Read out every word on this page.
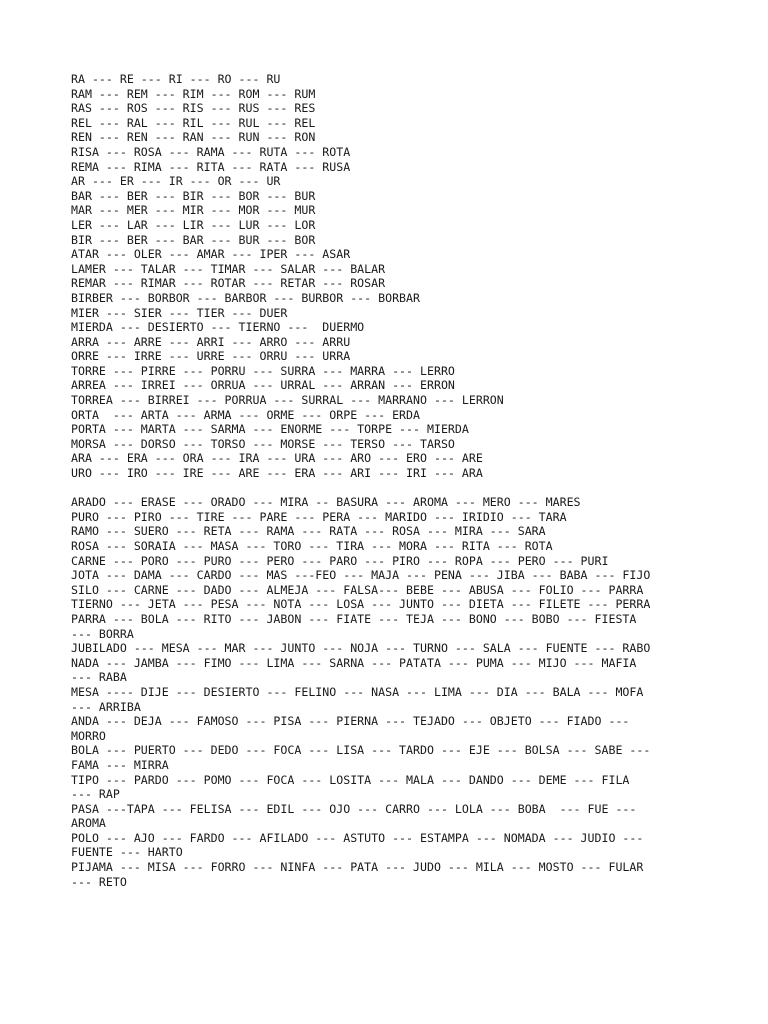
RA --- RE --- RI --- RO --- RU
RAM --- REM --- RIM --- ROM --- RUM
RAS --- ROS --- RIS --- RUS --- RES
REL --- RAL --- RIL --- RUL --- REL
REN --- REN --- RAN --- RUN --- RON
RISA --- ROSA --- RAMA --- RUTA --- ROTA
REMA --- RIMA --- RITA --- RATA --- RUSA
AR --- ER --- IR --- OR --- UR
BAR --- BER --- BIR --- BOR --- BUR
MAR --- MER --- MIR --- MOR --- MUR
LER --- LAR --- LIR --- LUR --- LOR
BIR --- BER --- BAR --- BUR --- BOR
ATAR --- OLER --- AMAR --- IPER --- ASAR
LAMER --- TALAR --- TIMAR --- SALAR --- BALAR
REMAR --- RIMAR --- ROTAR --- RETAR --- ROSAR
BIRBER --- BORBOR --- BARBOR --- BURBOR --- BORBAR
MIER --- SIER --- TIER --- DUER
MIERDA --- DESIERTO --- TIERNO ---  DUERMO
ARRA --- ARRE --- ARRI --- ARRO --- ARRU
ORRE --- IRRE --- URRE --- ORRU --- URRA
TORRE --- PIRRE --- PORRU --- SURRA --- MARRA --- LERRO
ARREA --- IRREI --- ORRUA --- URRAL --- ARRAN --- ERRON
TORREA --- BIRREI --- PORRUA --- SURRAL --- MARRANO --- LERRON
ORTA  --- ARTA --- ARMA --- ORME --- ORPE --- ERDA
PORTA --- MARTA --- SARMA --- ENORME --- TORPE --- MIERDA
MORSA --- DORSO --- TORSO --- MORSE --- TERSO --- TARSO
ARA --- ERA --- ORA --- IRA --- URA --- ARO --- ERO --- ARE
URO --- IRO --- IRE --- ARE --- ERA --- ARI --- IRI --- ARA
ARADO --- ERASE --- ORADO --- MIRA -- BASURA --- AROMA --- MERO --- MARES
PURO --- PIRO --- TIRE --- PARE --- PERA --- MARIDO --- IRIDIO --- TARA
RAMO --- SUERO --- RETA --- RAMA --- RATA --- ROSA --- MIRA --- SARA
ROSA --- SORAIA --- MASA --- TORO --- TIRA --- MORA --- RITA --- ROTA
CARNE --- PORO --- PURO --- PERO --- PARO --- PIRO --- ROPA --- PERO --- PURI
JOTA --- DAMA --- CARDO --- MAS ---FEO --- MAJA --- PENA --- JIBA --- BABA --- FIJO
SILO --- CARNE --- DADO --- ALMEJA --- FALSA--- BEBE --- ABUSA --- FOLIO --- PARRA
TIERNO --- JETA --- PESA --- NOTA --- LOSA --- JUNTO --- DIETA --- FILETE --- PERRA
PARRA --- BOLA --- RITO --- JABON --- FIATE --- TEJA --- BONO --- BOBO --- FIESTA
--- BORRA
JUBILADO --- MESA --- MAR --- JUNTO --- NOJA --- TURNO --- SALA --- FUENTE --- RABO
NADA --- JAMBA --- FIMO --- LIMA --- SARNA --- PATATA --- PUMA --- MIJO --- MAFIA
--- RABA
MESA ---- DIJE --- DESIERTO --- FELINO --- NASA --- LIMA --- DIA --- BALA --- MOFA
--- ARRIBA
ANDA --- DEJA --- FAMOSO --- PISA --- PIERNA --- TEJADO --- OBJETO --- FIADO ---
MORRO
BOLA --- PUERTO --- DEDO --- FOCA --- LISA --- TARDO --- EJE --- BOLSA --- SABE ---
FAMA --- MIRRA
TIPO --- PARDO --- POMO --- FOCA --- LOSITA --- MALA --- DANDO --- DEME --- FILA
--- RAP
PASA ---TAPA --- FELISA --- EDIL --- OJO --- CARRO --- LOLA --- BOBA  --- FUE ---
AROMA
POLO --- AJO --- FARDO --- AFILADO --- ASTUTO --- ESTAMPA --- NOMADA --- JUDIO ---
FUENTE --- HARTO
PIJAMA --- MISA --- FORRO --- NINFA --- PATA --- JUDO --- MILA --- MOSTO --- FULAR
--- RETO
